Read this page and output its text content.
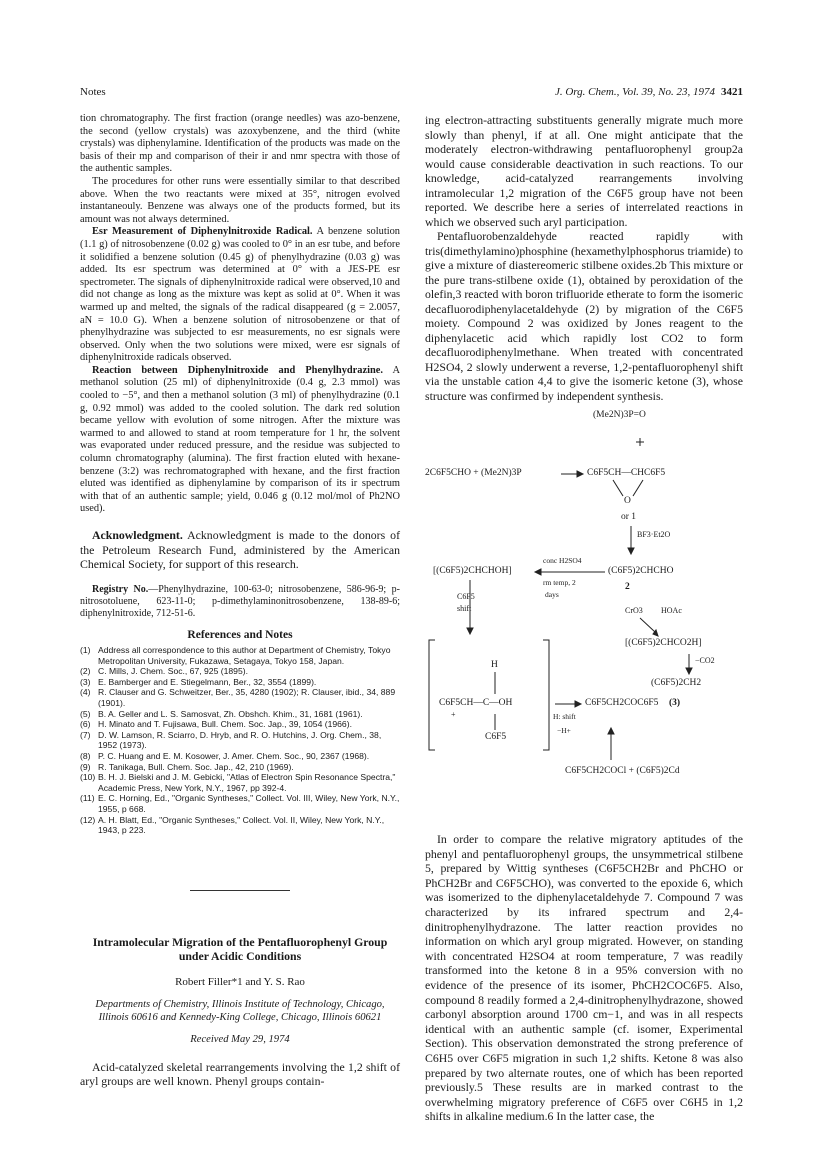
Notes	J. Org. Chem., Vol. 39, No. 23, 1974 3421

tion chromatography. The first fraction (orange needles) was azo-benzene, the second (yellow crystals) was azoxybenzene, and the third (white crystals) was diphenylamine. Identification of the products was made on the basis of their mp and comparison of their ir and nmr spectra with those of the authentic samples.

The procedures for other runs were essentially similar to that described above. When the two reactants were mixed at 35°, nitrogen evolved instantaneouly. Benzene was always one of the products formed, but its amount was not always determined.

Esr Measurement of Diphenylnitroxide Radical. A benzene solution (1.1 g) of nitrosobenzene (0.02 g) was cooled to 0° in an esr tube, and before it solidified a benzene solution (0.45 g) of phenylhydrazine (0.03 g) was added. Its esr spectrum was determined at 0° with a JES-PE esr spectrometer. The signals of diphenylnitroxide radical were observed,10 and did not change as long as the mixture was kept as solid at 0°. When it was warmed up and melted, the signals of the radical disappeared (g = 2.0057, aN = 10.0 G). When a benzene solution of nitrosobenzene or that of phenylhydrazine was subjected to esr measurements, no esr signals were observed. Only when the two solutions were mixed, were esr signals of diphenylnitroxide radicals observed.

Reaction between Diphenylnitroxide and Phenylhydrazine. A methanol solution (25 ml) of diphenylnitroxide (0.4 g, 2.3 mmol) was cooled to −5°, and then a methanol solution (3 ml) of phenylhydrazine (0.1 g, 0.92 mmol) was added to the cooled solution. The dark red solution became yellow with evolution of some nitrogen. After the mixture was warmed to and allowed to stand at room temperature for 1 hr, the solvent was evaporated under reduced pressure, and the residue was subjected to column chromatography (alumina). The first fraction eluted with hexane-benzene (3:2) was rechromatographed with hexane, and the first fraction eluted was identified as diphenylamine by comparison of its ir spectrum with that of an authentic sample; yield, 0.046 g (0.12 mol/mol of Ph2NO used).

Acknowledgment. Acknowledgment is made to the donors of the Petroleum Research Fund, administered by the American Chemical Society, for support of this research.

Registry No.—Phenylhydrazine, 100-63-0; nitrosobenzene, 586-96-9; p-nitrosotoluene, 623-11-0; p-dimethylaminonitrosobenzene, 138-89-6; diphenylnitroxide, 712-51-6.

References and Notes
(1) Address all correspondence to this author at Department of Chemistry, Tokyo Metropolitan University, Fukazawa, Setagaya, Tokyo 158, Japan.
(2) C. Mills, J. Chem. Soc., 67, 925 (1895).
(3) E. Bamberger and E. Stiegelmann, Ber., 32, 3554 (1899).
(4) R. Clauser and G. Schweitzer, Ber., 35, 4280 (1902); R. Clauser, ibid., 34, 889 (1901).
(5) B. A. Geller and L. S. Samosvat, Zh. Obshch. Khim., 31, 1681 (1961).
(6) H. Minato and T. Fujisawa, Bull. Chem. Soc. Jap., 39, 1054 (1966).
(7) D. W. Lamson, R. Sciarro, D. Hryb, and R. O. Hutchins, J. Org. Chem., 38, 1952 (1973).
(8) P. C. Huang and E. M. Kosower, J. Amer. Chem. Soc., 90, 2367 (1968).
(9) R. Tanikaga, Bull. Chem. Soc. Jap., 42, 210 (1969).
(10) B. H. J. Bielski and J. M. Gebicki, "Atlas of Electron Spin Resonance Spectra," Academic Press, New York, N.Y., 1967, pp 392-4.
(11) E. C. Horning, Ed., "Organic Syntheses," Collect. Vol. III, Wiley, New York, N.Y., 1955, p 668.
(12) A. H. Blatt, Ed., "Organic Syntheses," Collect. Vol. II, Wiley, New York, N.Y., 1943, p 223.
Intramolecular Migration of the Pentafluorophenyl Group under Acidic Conditions
Robert Filler*1 and Y. S. Rao
Departments of Chemistry, Illinois Institute of Technology, Chicago, Illinois 60616 and Kennedy-King College, Chicago, Illinois 60621
Received May 29, 1974

Acid-catalyzed skeletal rearrangements involving the 1,2 shift of aryl groups are well known. Phenyl groups contain-

ing electron-attracting substituents generally migrate much more slowly than phenyl, if at all. One might anticipate that the moderately electron-withdrawing pentafluorophenyl group2a would cause considerable deactivation in such reactions. To our knowledge, acid-catalyzed rearrangements involving intramolecular 1,2 migration of the C6F5 group have not been reported. We describe here a series of interrelated reactions in which we observed such aryl participation.

Pentafluorobenzaldehyde reacted rapidly with tris(dimethylamino)phosphine (hexamethylphosphorus triamide) to give a mixture of diastereomeric stilbene oxides.2b This mixture or the pure trans-stilbene oxide (1), obtained by peroxidation of the olefin,3 reacted with boron trifluoride etherate to form the isomeric decafluorodiphenylacetaldehyde (2) by migration of the C6F5 moiety. Compound 2 was oxidized by Jones reagent to the diphenylacetic acid which rapidly lost CO2 to form decafluorodiphenylmethane. When treated with concentrated H2SO4, 2 slowly underwent a reverse, 1,2-pentafluorophenyl shift via the unstable cation 4,4 to give the isomeric ketone (3), whose structure was confirmed by independent synthesis.

(Me2N)3P=O
2C6F5CHO + (Me2N)3P	C6F5CH—CHC6F5
O
or 1
BF3·Et2O
[(C6F5)2CHCHOH]
conc H2SO4
rm temp, 2
days
(C6F5)2CHCHO
2
CrO3 HOAc
[(C6F5)2CHCO2H]
−CO2
(C6F5)2CH2
C6F5
shift
H
C6F5CH—C—OH
+
C6F5
H: shift
−H+
C6F5CH2COC6F5 (3)
C6F5CH2COCl + (C6F5)2Cd

In order to compare the relative migratory aptitudes of the phenyl and pentafluorophenyl groups, the unsymmetrical stilbene 5, prepared by Wittig syntheses (C6F5CH2Br and PhCHO or PhCH2Br and C6F5CHO), was converted to the epoxide 6, which was isomerized to the diphenylacetaldehyde 7. Compound 7 was characterized by its infrared spectrum and 2,4-dinitrophenylhydrazone. The latter reaction provides no information on which aryl group migrated. However, on standing with concentrated H2SO4 at room temperature, 7 was readily transformed into the ketone 8 in a 95% conversion with no evidence of the presence of its isomer, PhCH2COC6F5. Also, compound 8 readily formed a 2,4-dinitrophenylhydrazone, showed carbonyl absorption around 1700 cm−1, and was in all respects identical with an authentic sample (cf. isomer, Experimental Section). This observation demonstrated the strong preference of C6H5 over C6F5 migration in such 1,2 shifts. Ketone 8 was also prepared by two alternate routes, one of which has been reported previously.5 These results are in marked contrast to the overwhelming migratory preference of C6F5 over C6H5 in 1,2 shifts in alkaline medium.6 In the latter case, the
